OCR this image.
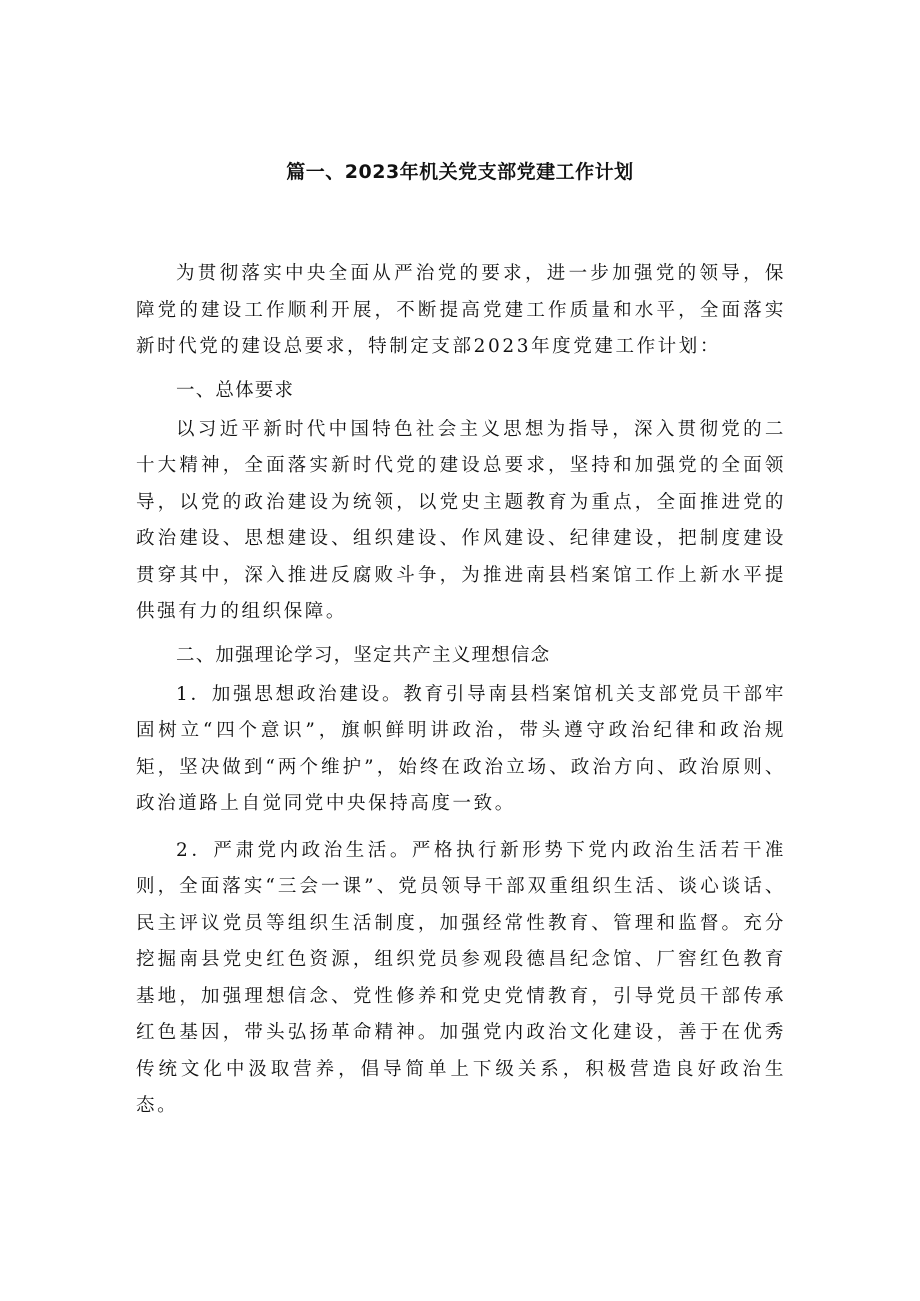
篇一、2023年机关党支部党建工作计划

为贯彻落实中央全面从严治党的要求，进一步加强党的领导，保障党的建设工作顺利开展，不断提高党建工作质量和水平，全面落实新时代党的建设总要求，特制定支部2023年度党建工作计划：

一、总体要求

以习近平新时代中国特色社会主义思想为指导，深入贯彻党的二十大精神，全面落实新时代党的建设总要求，坚持和加强党的全面领导，以党的政治建设为统领，以党史主题教育为重点，全面推进党的政治建设、思想建设、组织建设、作风建设、纪律建设，把制度建设贯穿其中，深入推进反腐败斗争，为推进南县档案馆工作上新水平提供强有力的组织保障。

二、加强理论学习，坚定共产主义理想信念

1．加强思想政治建设。教育引导南县档案馆机关支部党员干部牢固树立“四个意识”，旗帜鲜明讲政治，带头遵守政治纪律和政治规矩，坚决做到“两个维护”，始终在政治立场、政治方向、政治原则、政治道路上自觉同党中央保持高度一致。

2．严肃党内政治生活。严格执行新形势下党内政治生活若干准则，全面落实“三会一课”、党员领导干部双重组织生活、谈心谈话、民主评议党员等组织生活制度，加强经常性教育、管理和监督。充分挖掘南县党史红色资源，组织党员参观段德昌纪念馆、厂窖红色教育基地，加强理想信念、党性修养和党史党情教育，引导党员干部传承红色基因，带头弘扬革命精神。加强党内政治文化建设，善于在优秀传统文化中汲取营养，倡导简单上下级关系，积极营造良好政治生态。
